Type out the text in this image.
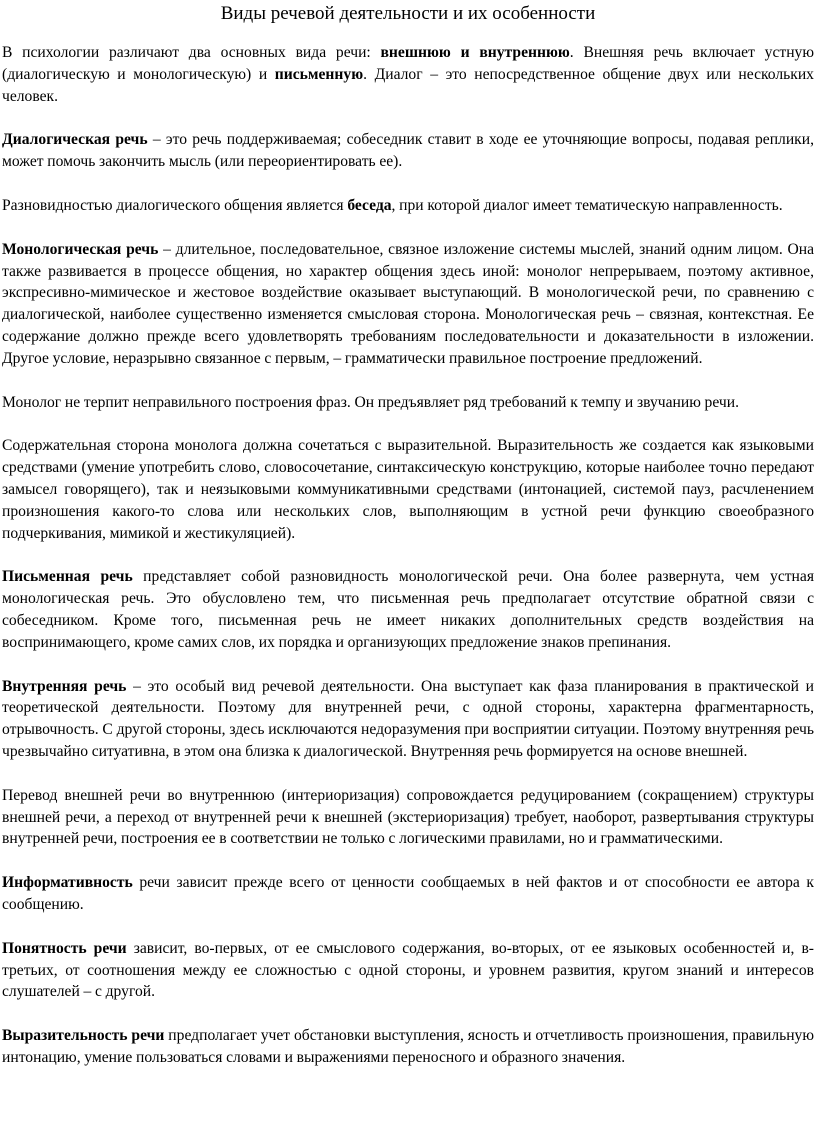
Виды речевой деятельности и их особенности

В психологии различают два основных вида речи: внешнюю и внутреннюю. Внешняя речь включает устную (диалогическую и монологическую) и письменную. Диалог – это непосредственное общение двух или нескольких человек.

Диалогическая речь – это речь поддерживаемая; собеседник ставит в ходе ее уточняющие вопросы, подавая реплики, может помочь закончить мысль (или переориентировать ее).

Разновидностью диалогического общения является беседа, при которой диалог имеет тематическую направленность.

Монологическая речь – длительное, последовательное, связное изложение системы мыслей, знаний одним лицом. Она также развивается в процессе общения, но характер общения здесь иной: монолог непрерываем, поэтому активное, экспресивно-мимическое и жестовое воздействие оказывает выступающий. В монологической речи, по сравнению с диалогической, наиболее существенно изменяется смысловая сторона. Монологическая речь – связная, контекстная. Ее содержание должно прежде всего удовлетворять требованиям последовательности и доказательности в изложении. Другое условие, неразрывно связанное с первым, – грамматически правильное построение предложений.

Монолог не терпит неправильного построения фраз. Он предъявляет ряд требований к темпу и звучанию речи.

Содержательная сторона монолога должна сочетаться с выразительной. Выразительность же создается как языковыми средствами (умение употребить слово, словосочетание, синтаксическую конструкцию, которые наиболее точно передают замысел говорящего), так и неязыковыми коммуникативными средствами (интонацией, системой пауз, расчленением произношения какого-то слова или нескольких слов, выполняющим в устной речи функцию своеобразного подчеркивания, мимикой и жестикуляцией).

Письменная речь представляет собой разновидность монологической речи. Она более развернута, чем устная монологическая речь. Это обусловлено тем, что письменная речь предполагает отсутствие обратной связи с собеседником. Кроме того, письменная речь не имеет никаких дополнительных средств воздействия на воспринимающего, кроме самих слов, их порядка и организующих предложение знаков препинания.

Внутренняя речь – это особый вид речевой деятельности. Она выступает как фаза планирования в практической и теоретической деятельности. Поэтому для внутренней речи, с одной стороны, характерна фрагментарность, отрывочность. С другой стороны, здесь исключаются недоразумения при восприятии ситуации. Поэтому внутренняя речь чрезвычайно ситуативна, в этом она близка к диалогической. Внутренняя речь формируется на основе внешней.

Перевод внешней речи во внутреннюю (интериоризация) сопровождается редуцированием (сокращением) структуры внешней речи, а переход от внутренней речи к внешней (экстериоризация) требует, наоборот, развертывания структуры внутренней речи, построения ее в соответствии не только с логическими правилами, но и грамматическими.

Информативность речи зависит прежде всего от ценности сообщаемых в ней фактов и от способности ее автора к сообщению.

Понятность речи зависит, во-первых, от ее смыслового содержания, во-вторых, от ее языковых особенностей и, в-третьих, от соотношения между ее сложностью с одной стороны, и уровнем развития, кругом знаний и интересов слушателей – с другой.

Выразительность речи предполагает учет обстановки выступления, ясность и отчетливость произношения, правильную интонацию, умение пользоваться словами и выражениями переносного и образного значения.
